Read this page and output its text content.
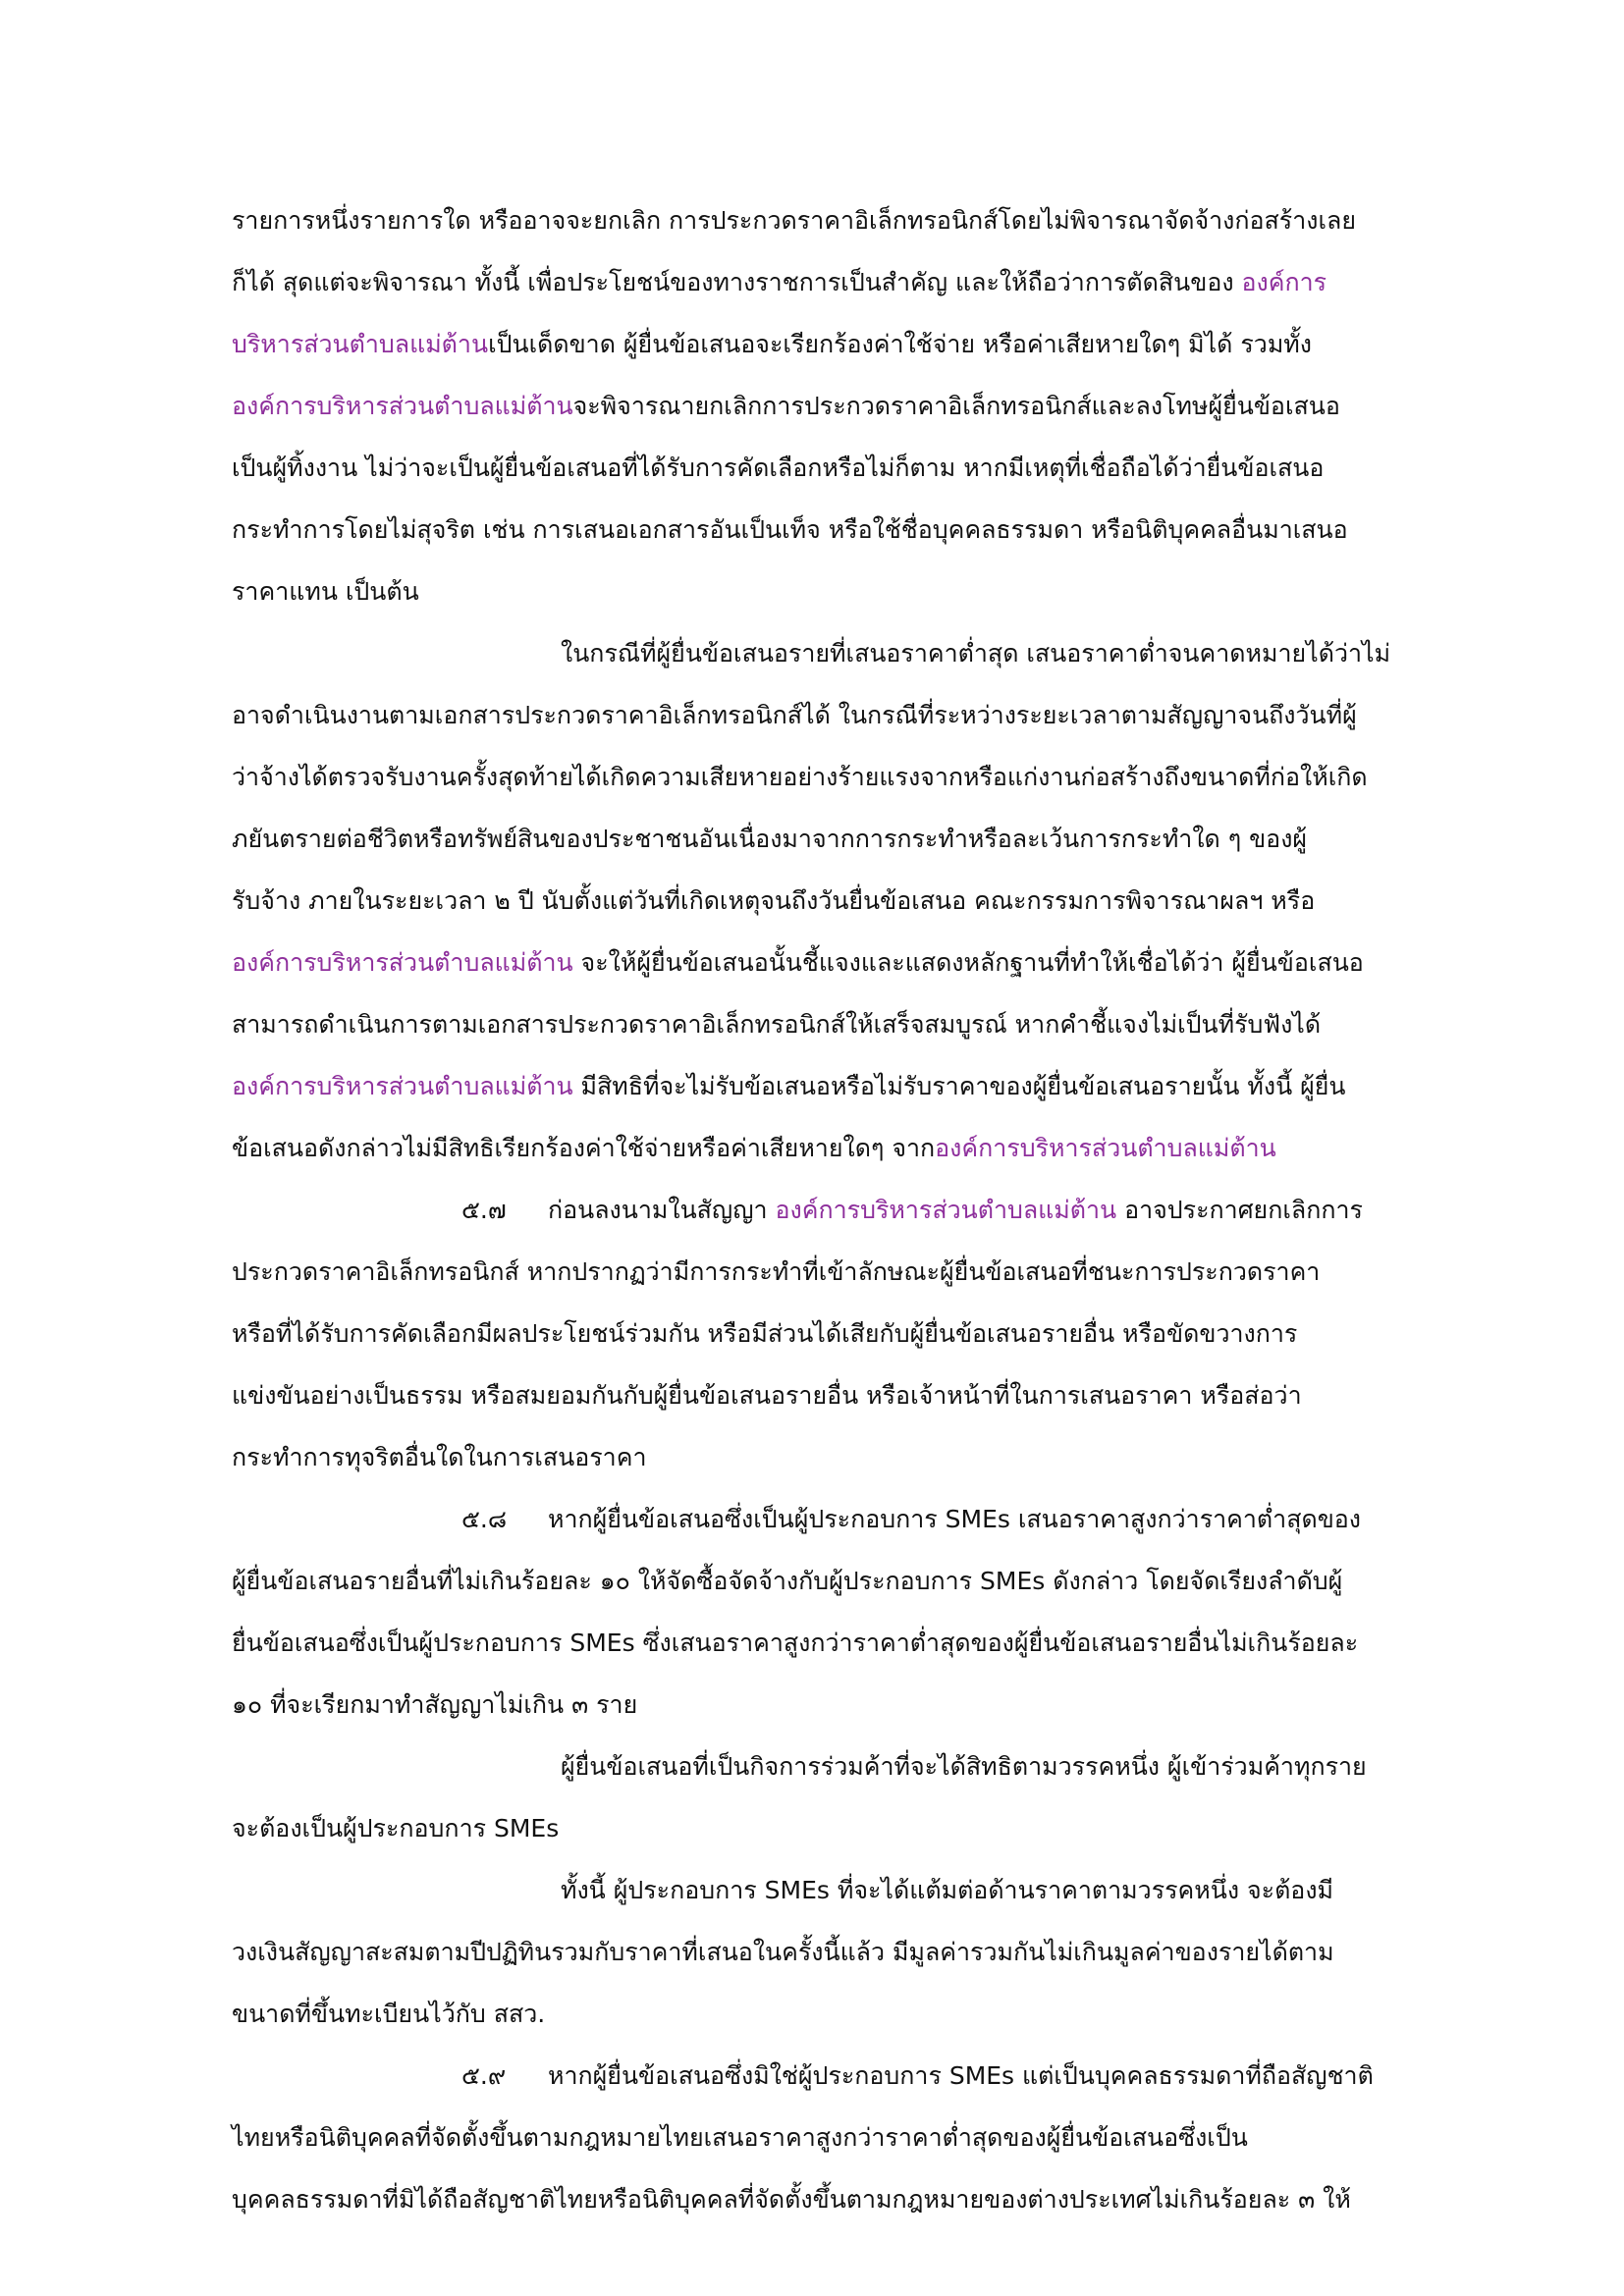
รายการหนึ่งรายการใด หรืออาจจะยกเลิก การประกวดราคาอิเล็กทรอนิกส์โดยไม่พิจารณาจัดจ้างก่อสร้างเลย
ก็ได้ สุดแต่จะพิจารณา ทั้งนี้ เพื่อประโยชน์ของทางราชการเป็นสำคัญ และให้ถือว่าการตัดสินของ องค์การ
บริหารส่วนตำบลแม่ต้านเป็นเด็ดขาด ผู้ยื่นข้อเสนอจะเรียกร้องค่าใช้จ่าย หรือค่าเสียหายใดๆ มิได้ รวมทั้ง
องค์การบริหารส่วนตำบลแม่ต้านจะพิจารณายกเลิกการประกวดราคาอิเล็กทรอนิกส์และลงโทษผู้ยื่นข้อเสนอ
เป็นผู้ทิ้งงาน ไม่ว่าจะเป็นผู้ยื่นข้อเสนอที่ได้รับการคัดเลือกหรือไม่ก็ตาม หากมีเหตุที่เชื่อถือได้ว่ายื่นข้อเสนอ
กระทำการโดยไม่สุจริต เช่น การเสนอเอกสารอันเป็นเท็จ หรือใช้ชื่อบุคคลธรรมดา หรือนิติบุคคลอื่นมาเสนอ
ราคาแทน เป็นต้น
ในกรณีที่ผู้ยื่นข้อเสนอรายที่เสนอราคาต่ำสุด เสนอราคาต่ำจนคาดหมายได้ว่าไม่
อาจดำเนินงานตามเอกสารประกวดราคาอิเล็กทรอนิกส์ได้ ในกรณีที่ระหว่างระยะเวลาตามสัญญาจนถึงวันที่ผู้
ว่าจ้างได้ตรวจรับงานครั้งสุดท้ายได้เกิดความเสียหายอย่างร้ายแรงจากหรือแก่งานก่อสร้างถึงขนาดที่ก่อให้เกิด
ภยันตรายต่อชีวิตหรือทรัพย์สินของประชาชนอันเนื่องมาจากการกระทำหรือละเว้นการกระทำใด ๆ ของผู้
รับจ้าง ภายในระยะเวลา ๒ ปี นับตั้งแต่วันที่เกิดเหตุจนถึงวันยื่นข้อเสนอ คณะกรรมการพิจารณาผลฯ หรือ
องค์การบริหารส่วนตำบลแม่ต้าน จะให้ผู้ยื่นข้อเสนอนั้นชี้แจงและแสดงหลักฐานที่ทำให้เชื่อได้ว่า ผู้ยื่นข้อเสนอ
สามารถดำเนินการตามเอกสารประกวดราคาอิเล็กทรอนิกส์ให้เสร็จสมบูรณ์ หากคำชี้แจงไม่เป็นที่รับฟังได้
องค์การบริหารส่วนตำบลแม่ต้าน มีสิทธิที่จะไม่รับข้อเสนอหรือไม่รับราคาของผู้ยื่นข้อเสนอรายนั้น ทั้งนี้ ผู้ยื่น
ข้อเสนอดังกล่าวไม่มีสิทธิเรียกร้องค่าใช้จ่ายหรือค่าเสียหายใดๆ จากองค์การบริหารส่วนตำบลแม่ต้าน
๕.๗ ก่อนลงนามในสัญญา องค์การบริหารส่วนตำบลแม่ต้าน อาจประกาศยกเลิกการ
ประกวดราคาอิเล็กทรอนิกส์ หากปรากฏว่ามีการกระทำที่เข้าลักษณะผู้ยื่นข้อเสนอที่ชนะการประกวดราคา
หรือที่ได้รับการคัดเลือกมีผลประโยชน์ร่วมกัน หรือมีส่วนได้เสียกับผู้ยื่นข้อเสนอรายอื่น หรือขัดขวางการ
แข่งขันอย่างเป็นธรรม หรือสมยอมกันกับผู้ยื่นข้อเสนอรายอื่น หรือเจ้าหน้าที่ในการเสนอราคา หรือส่อว่า
กระทำการทุจริตอื่นใดในการเสนอราคา
๕.๘ หากผู้ยื่นข้อเสนอซึ่งเป็นผู้ประกอบการ SMEs เสนอราคาสูงกว่าราคาต่ำสุดของ
ผู้ยื่นข้อเสนอรายอื่นที่ไม่เกินร้อยละ ๑๐ ให้จัดซื้อจัดจ้างกับผู้ประกอบการ SMEs ดังกล่าว โดยจัดเรียงลำดับผู้
ยื่นข้อเสนอซึ่งเป็นผู้ประกอบการ SMEs ซึ่งเสนอราคาสูงกว่าราคาต่ำสุดของผู้ยื่นข้อเสนอรายอื่นไม่เกินร้อยละ
๑๐ ที่จะเรียกมาทำสัญญาไม่เกิน ๓ ราย
ผู้ยื่นข้อเสนอที่เป็นกิจการร่วมค้าที่จะได้สิทธิตามวรรคหนึ่ง ผู้เข้าร่วมค้าทุกราย
จะต้องเป็นผู้ประกอบการ SMEs
ทั้งนี้ ผู้ประกอบการ SMEs ที่จะได้แต้มต่อด้านราคาตามวรรคหนึ่ง จะต้องมี
วงเงินสัญญาสะสมตามปีปฏิทินรวมกับราคาที่เสนอในครั้งนี้แล้ว มีมูลค่ารวมกันไม่เกินมูลค่าของรายได้ตาม
ขนาดที่ขึ้นทะเบียนไว้กับ สสว.
๕.๙ หากผู้ยื่นข้อเสนอซึ่งมิใช่ผู้ประกอบการ SMEs แต่เป็นบุคคลธรรมดาที่ถือสัญชาติ
ไทยหรือนิติบุคคลที่จัดตั้งขึ้นตามกฎหมายไทยเสนอราคาสูงกว่าราคาต่ำสุดของผู้ยื่นข้อเสนอซึ่งเป็น
บุคคลธรรมดาที่มิได้ถือสัญชาติไทยหรือนิติบุคคลที่จัดตั้งขึ้นตามกฎหมายของต่างประเทศไม่เกินร้อยละ ๓ ให้
